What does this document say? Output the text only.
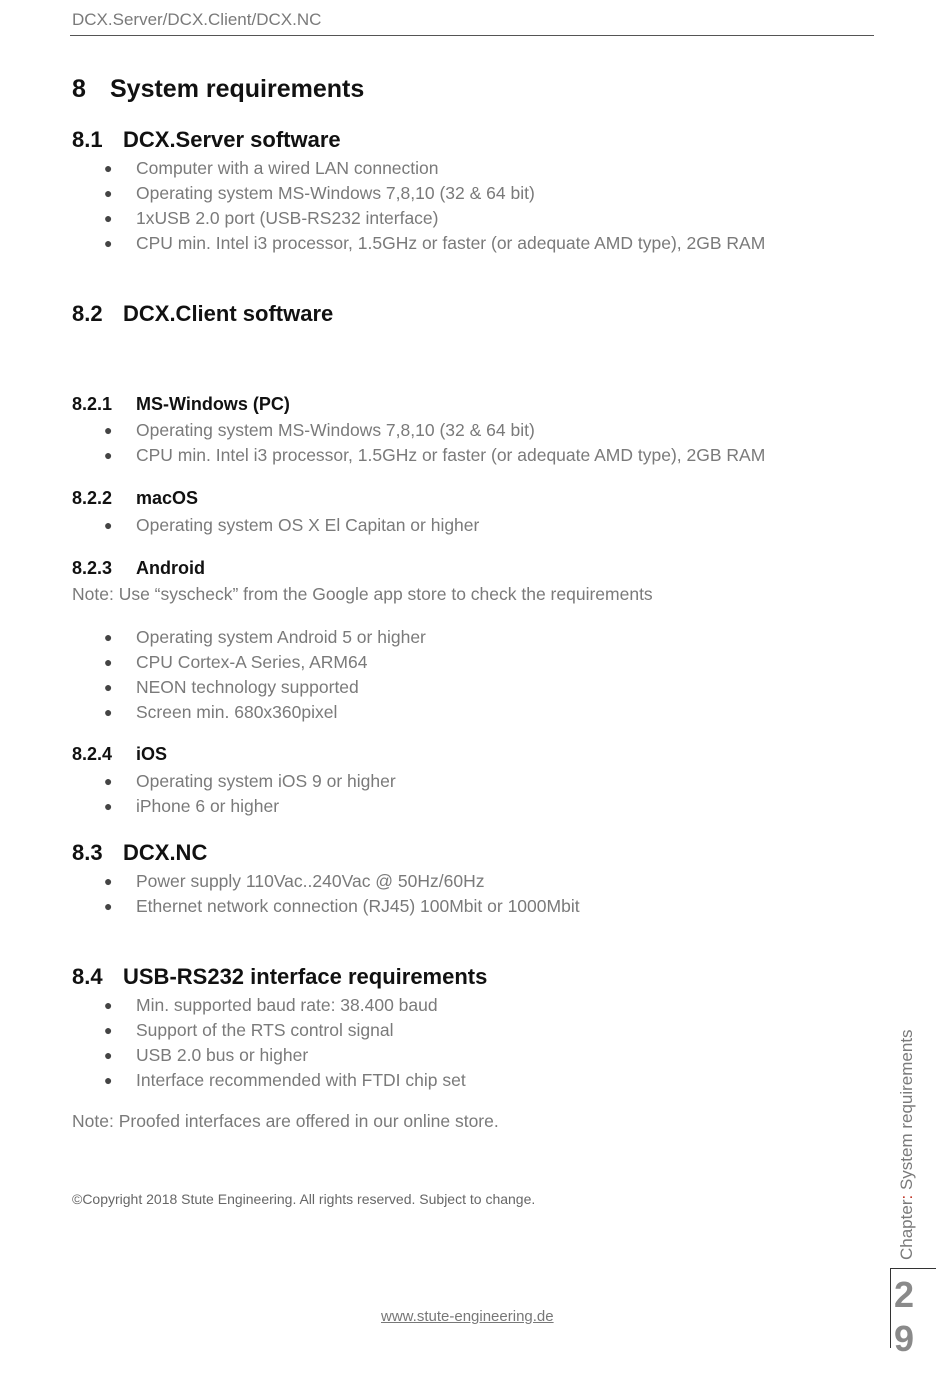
DCX.Server/DCX.Client/DCX.NC
8 System requirements
8.1 DCX.Server software
● Computer with a wired LAN connection
● Operating system MS-Windows 7,8,10 (32 & 64 bit)
● 1xUSB 2.0 port (USB-RS232 interface)
● CPU min. Intel i3 processor, 1.5GHz or faster (or adequate AMD type), 2GB RAM
8.2 DCX.Client software
8.2.1 MS-Windows (PC)
● Operating system MS-Windows 7,8,10 (32 & 64 bit)
● CPU min. Intel i3 processor, 1.5GHz or faster (or adequate AMD type), 2GB RAM
8.2.2 macOS
● Operating system OS X El Capitan or higher
8.2.3 Android
Note: Use “syscheck” from the Google app store to check the requirements
● Operating system Android 5 or higher
● CPU Cortex-A Series, ARM64
● NEON technology supported
● Screen min. 680x360pixel
8.2.4 iOS
● Operating system iOS 9 or higher
● iPhone 6 or higher
8.3 DCX.NC
● Power supply 110Vac..240Vac @ 50Hz/60Hz
● Ethernet network connection (RJ45) 100Mbit or 1000Mbit
8.4 USB-RS232 interface requirements
● Min. supported baud rate: 38.400 baud
● Support of the RTS control signal
● USB 2.0 bus or higher
● Interface recommended with FTDI chip set
Note: Proofed interfaces are offered in our online store.
©Copyright 2018 Stute Engineering. All rights reserved. Subject to change.
www.stute-engineering.de
Chapter: System requirements
2
9
